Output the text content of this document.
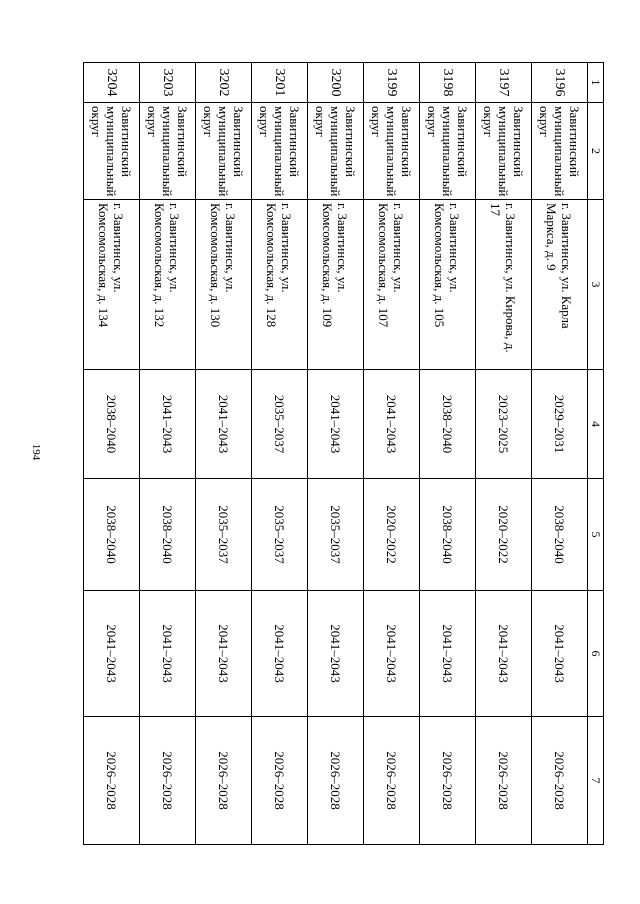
194
1	2	3	4	5	6	7
3196	Завитинский муниципальный округ	г. Завитинск, ул. Карла Маркса, д. 9	2029–2031	2038–2040	2041–2043	2026–2028
3197	Завитинский муниципальный округ	г. Завитинск, ул. Кирова, д. 17	2023–2025	2020–2022	2041–2043	2026–2028
3198	Завитинский муниципальный округ	г. Завитинск, ул. Комсомольская, д. 105	2038–2040	2038–2040	2041–2043	2026–2028
3199	Завитинский муниципальный округ	г. Завитинск, ул. Комсомольская, д. 107	2041–2043	2020–2022	2041–2043	2026–2028
3200	Завитинский муниципальный округ	г. Завитинск, ул. Комсомольская, д. 109	2041–2043	2035–2037	2041–2043	2026–2028
3201	Завитинский муниципальный округ	г. Завитинск, ул. Комсомольская, д. 128	2035–2037	2035–2037	2041–2043	2026–2028
3202	Завитинский муниципальный округ	г. Завитинск, ул. Комсомольская, д. 130	2041–2043	2035–2037	2041–2043	2026–2028
3203	Завитинский муниципальный округ	г. Завитинск, ул. Комсомольская, д. 132	2041–2043	2038–2040	2041–2043	2026–2028
3204	Завитинский муниципальный округ	г. Завитинск, ул. Комсомольская, д. 134	2038–2040	2038–2040	2041–2043	2026–2028
